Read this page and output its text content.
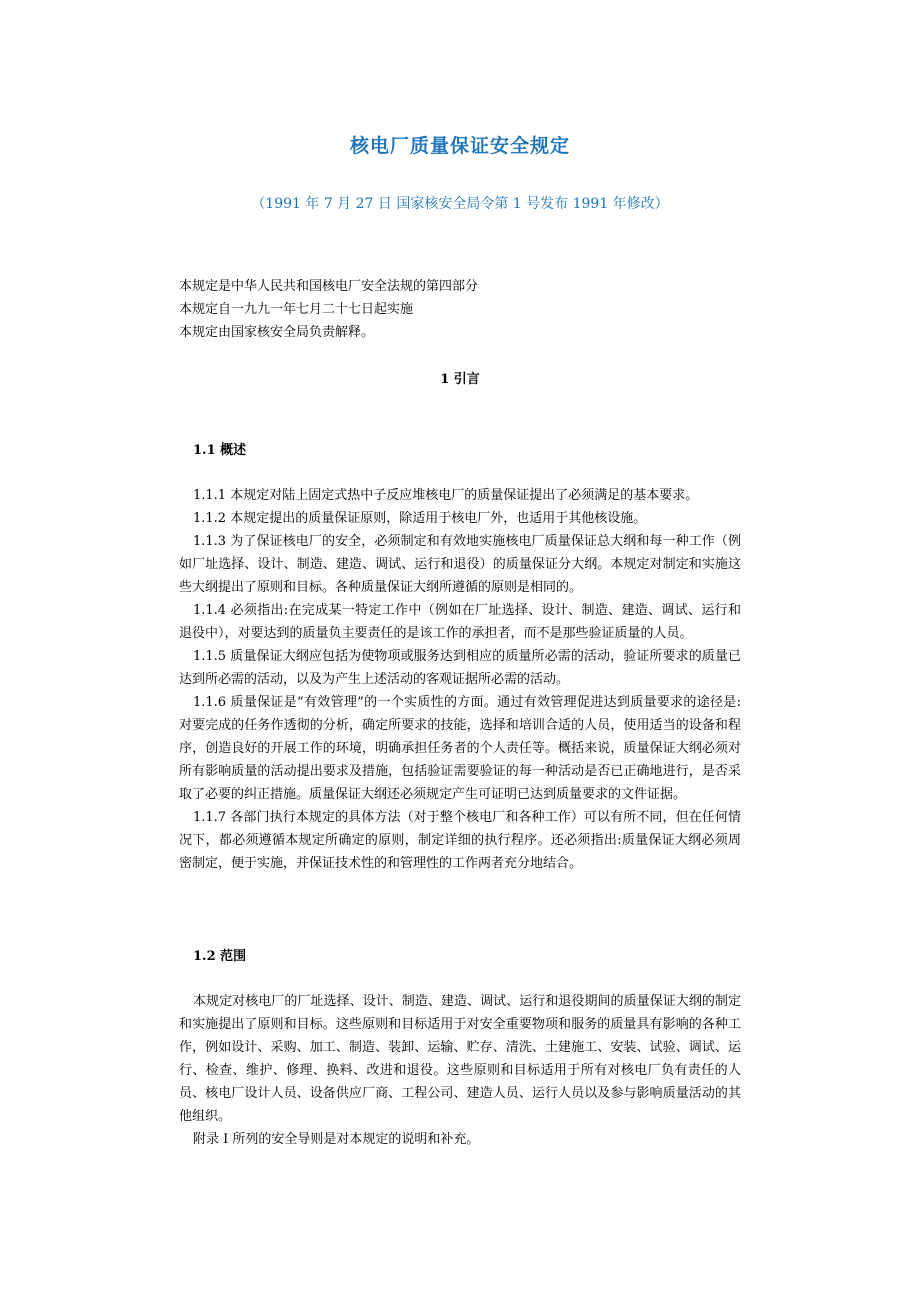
核电厂质量保证安全规定

（1991 年 7 月 27 日 国家核安全局令第 1 号发布 1991 年修改）

本规定是中华人民共和国核电厂安全法规的第四部分
本规定自一九九一年七月二十七日起实施
本规定由国家核安全局负责解释。
1 引言
1.1 概述

1.1.1 本规定对陆上固定式热中子反应堆核电厂的质量保证提出了必须满足的基本要求。

1.1.2 本规定提出的质量保证原则，除适用于核电厂外，也适用于其他核设施。

1.1.3 为了保证核电厂的安全，必须制定和有效地实施核电厂质量保证总大纲和每一种工作（例如厂址选择、设计、制造、建造、调试、运行和退役）的质量保证分大纲。本规定对制定和实施这些大纲提出了原则和目标。各种质量保证大纲所遵循的原则是相同的。

1.1.4 必须指出:在完成某一特定工作中（例如在厂址选择、设计、制造、建造、调试、运行和退役中），对要达到的质量负主要责任的是该工作的承担者，而不是那些验证质量的人员。

1.1.5 质量保证大纲应包括为使物项或服务达到相应的质量所必需的活动，验证所要求的质量已达到所必需的活动，以及为产生上述活动的客观证据所必需的活动。

1.1.6 质量保证是“有效管理”的一个实质性的方面。通过有效管理促进达到质量要求的途径是:对要完成的任务作透彻的分析，确定所要求的技能，选择和培训合适的人员，使用适当的设备和程序，创造良好的开展工作的环境，明确承担任务者的个人责任等。概括来说，质量保证大纲必须对所有影响质量的活动提出要求及措施，包括验证需要验证的每一种活动是否已正确地进行，是否采取了必要的纠正措施。质量保证大纲还必须规定产生可证明已达到质量要求的文件证据。

1.1.7 各部门执行本规定的具体方法（对于整个核电厂和各种工作）可以有所不同，但在任何情况下，都必须遵循本规定所确定的原则，制定详细的执行程序。还必须指出:质量保证大纲必须周密制定，便于实施，并保证技术性的和管理性的工作两者充分地结合。

1.2 范围

本规定对核电厂的厂址选择、设计、制造、建造、调试、运行和退役期间的质量保证大纲的制定和实施提出了原则和目标。这些原则和目标适用于对安全重要物项和服务的质量具有影响的各种工作，例如设计、采购、加工、制造、装卸、运输、贮存、清洗、土建施工、安装、试验、调试、运行、检查、维护、修理、换料、改进和退役。这些原则和目标适用于所有对核电厂负有责任的人员、核电厂设计人员、设备供应厂商、工程公司、建造人员、运行人员以及参与影响质量活动的其他组织。

附录 I 所列的安全导则是对本规定的说明和补充。
